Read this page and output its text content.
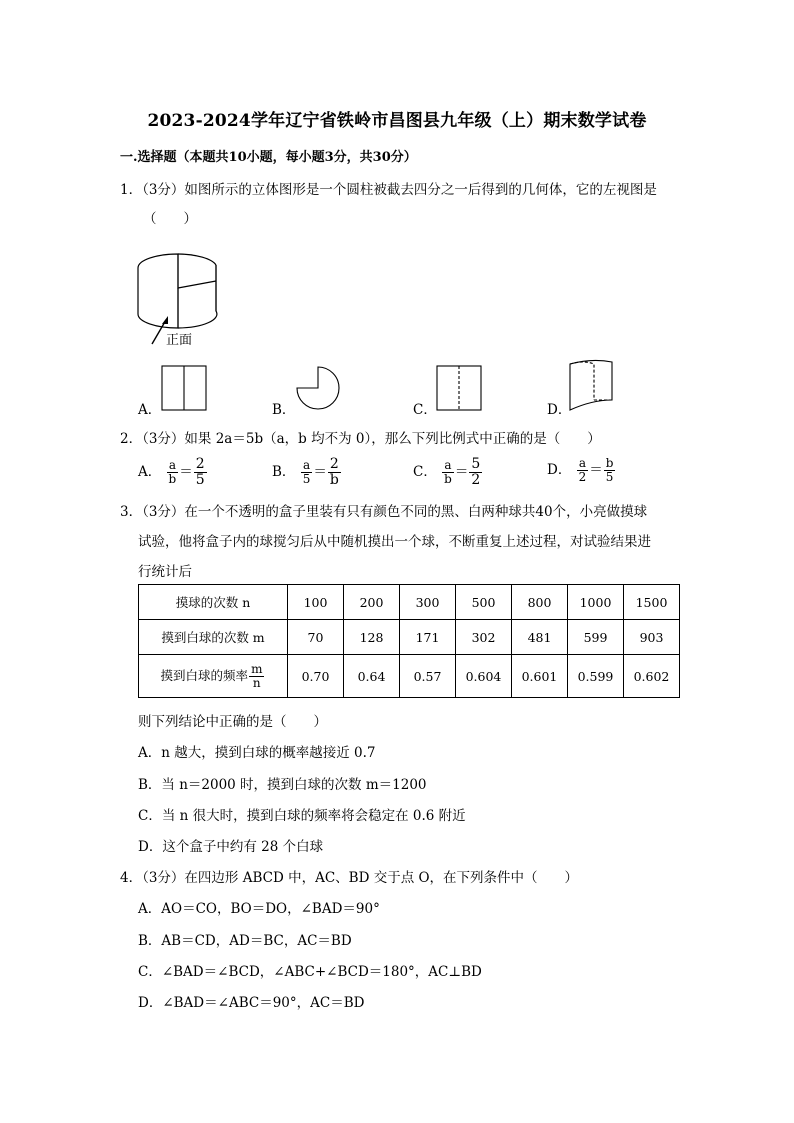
2023-2024学年辽宁省铁岭市昌图县九年级（上）期末数学试卷
一.选择题（本题共10小题，每小题3分，共30分）
1．（3分）如图所示的立体图形是一个圆柱被截去四分之一后得到的几何体，它的左视图是
（　　）
正面
A．	B．	C．	D．
2．（3分）如果 2a＝5b（a，b 均不为 0），那么下列比例式中正确的是（　　）
A． $\frac{a}{b} = \frac{2}{5}$	B． $\frac{a}{5} = \frac{2}{b}$	C． $\frac{a}{b} = \frac{5}{2}$	D． $\frac{a}{2} = \frac{b}{5}$
3．（3分）在一个不透明的盒子里装有只有颜色不同的黑、白两种球共40个，小亮做摸球
试验，他将盒子内的球搅匀后从中随机摸出一个球，不断重复上述过程，对试验结果进
行统计后
摸球的次数 n	100	200	300	500	800	1000	1500
摸到白球的次数 m	70	128	171	302	481	599	903
摸到白球的频率 $\frac{m}{n}$	0.70	0.64	0.57	0.604	0.601	0.599	0.602
则下列结论中正确的是（　　）
A．n 越大，摸到白球的概率越接近 0.7
B．当 n＝2000 时，摸到白球的次数 m＝1200
C．当 n 很大时，摸到白球的频率将会稳定在 0.6 附近
D．这个盒子中约有 28 个白球
4．（3分）在四边形 ABCD 中，AC、BD 交于点 O，在下列条件中（　　）
A．AO＝CO，BO＝DO，∠BAD＝90°
B．AB＝CD，AD＝BC，AC＝BD
C．∠BAD＝∠BCD，∠ABC+∠BCD＝180°，AC⊥BD
D．∠BAD＝∠ABC＝90°，AC＝BD
